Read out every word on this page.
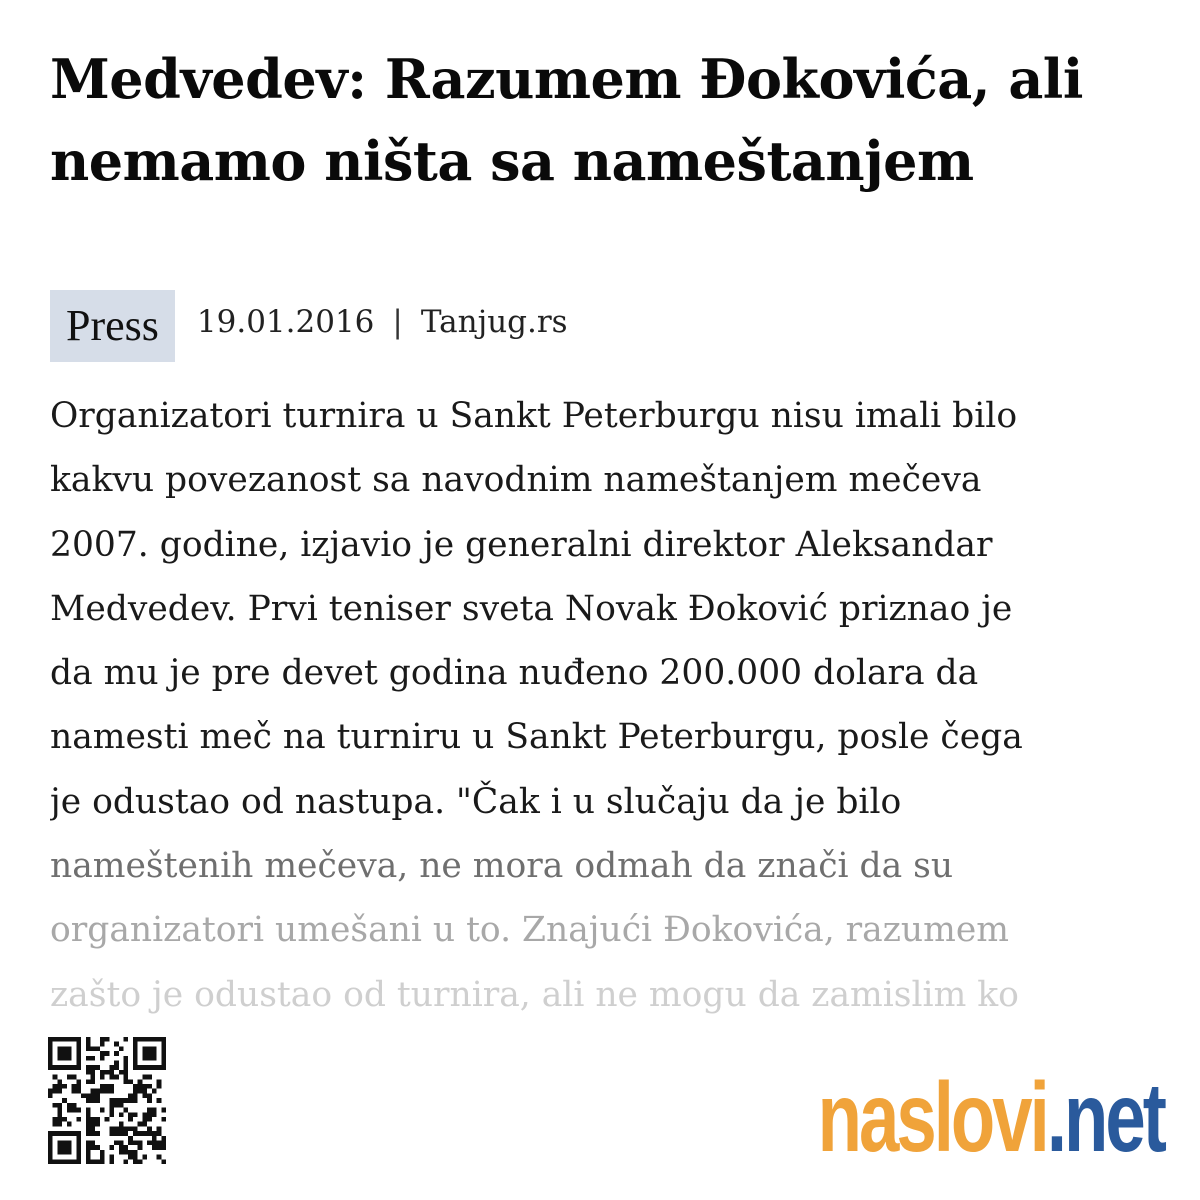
Medvedev: Razumem Đokovića, ali nemamo ništa sa nameštanjem
Press	19.01.2016 | Tanjug.rs
Organizatori turnira u Sankt Peterburgu nisu imali bilo
kakvu povezanost sa navodnim nameštanjem mečeva
2007. godine, izjavio je generalni direktor Aleksandar
Medvedev. Prvi teniser sveta Novak Đoković priznao je
da mu je pre devet godina nuđeno 200.000 dolara da
namesti meč na turniru u Sankt Peterburgu, posle čega
je odustao od nastupa. "Čak i u slučaju da je bilo
nameštenih mečeva, ne mora odmah da znači da su
organizatori umešani u to. Znajući Đokovića, razumem
zašto je odustao od turnira, ali ne mogu da zamislim ko
naslovi.net
